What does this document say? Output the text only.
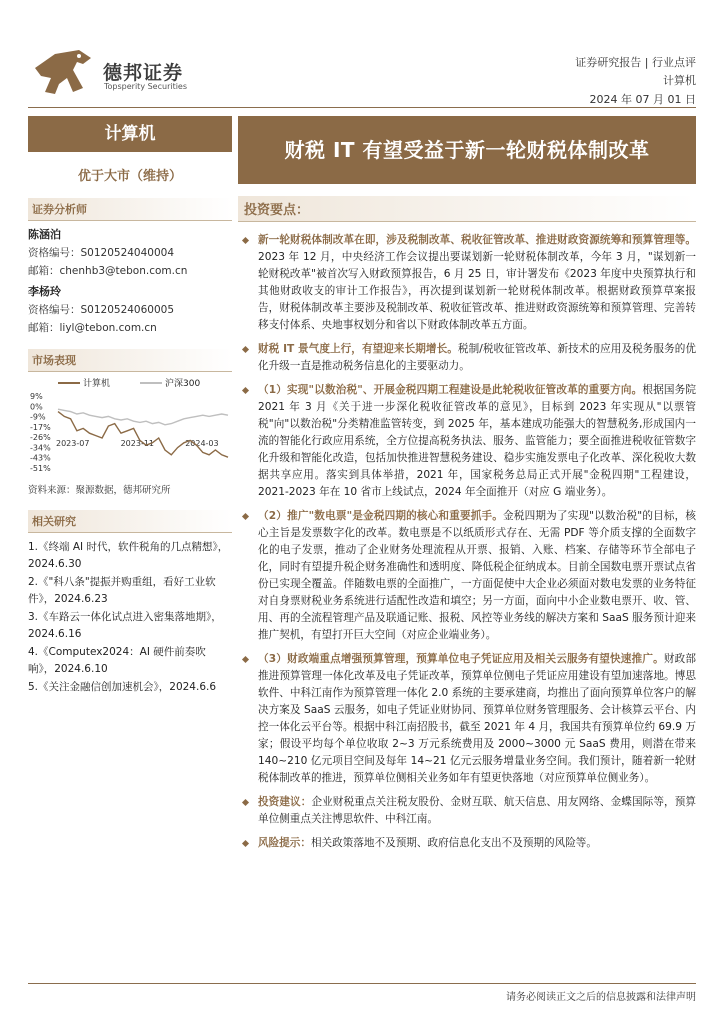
德邦证券
Topsperity Securities
证券研究报告 | 行业点评
计算机
2024 年 07 月 01 日
计算机
优于大市（维持）
证券分析师
陈涵泊
资格编号：S0120524040004
邮箱：chenhb3@tebon.com.cn
李杨玲
资格编号：S0120524060005
邮箱：liyl@tebon.com.cn
市场表现
计算机	沪深300
9%
0%
-9%
-17%
-26%
-34%
-43%
-51%
2023-07	2023-11	2024-03
资料来源：聚源数据，德邦研究所
相关研究
1.《终端 AI 时代，软件税角的几点精想》，2024.6.30
2.《"科八条"提振并购重组，看好工业软件》，2024.6.23
3.《车路云一体化试点进入密集落地期》，2024.6.16
4.《Computex2024：AI 硬件前奏吹响》，2024.6.10
5.《关注金融信创加速机会》，2024.6.6
财税 IT 有望受益于新一轮财税体制改革
投资要点：
新一轮财税体制改革在即，涉及税制改革、税收征管改革、推进财政资源统筹和预算管理等。2023 年 12 月，中央经济工作会议提出要谋划新一轮财税体制改革，今年 3 月，"谋划新一轮财税改革"被首次写入财政预算报告，6 月 25 日，审计署发布《2023 年度中央预算执行和其他财政收支的审计工作报告》，再次提到谋划新一轮财税体制改革。根据财政预算草案报告，财税体制改革主要涉及税制改革、税收征管改革、推进财政资源统筹和预算管理、完善转移支付体系、央地事权划分和省以下财政体制改革五方面。
财税 IT 景气度上行，有望迎来长期增长。税制/税收征管改革、新技术的应用及税务服务的优化升级一直是推动税务信息化的主要驱动力。
（1）实现"以数治税"、开展金税四期工程建设是此轮税收征管改革的重要方向。根据国务院 2021 年 3 月《关于进一步深化税收征管改革的意见》，目标到 2023 年实现从"以票管税"向"以数治税"分类精准监管转变，到 2025 年，基本建成功能强大的智慧税务,形成国内一流的智能化行政应用系统，全方位提高税务执法、服务、监管能力；要全面推进税收征管数字化升级和智能化改造，包括加快推进智慧税务建设、稳步实施发票电子化改革、深化税收大数据共享应用。落实到具体举措，2021 年，国家税务总局正式开展"金税四期"工程建设，2021-2023 年在 10 省市上线试点，2024 年全面推开（对应 G 端业务）。
（2）推广"数电票"是金税四期的核心和重要抓手。金税四期为了实现"以数治税"的目标，核心主旨是发票数字化的改革。数电票是不以纸质形式存在、无需 PDF 等介质支撑的全面数字化的电子发票，推动了企业财务处理流程从开票、报销、入账、档案、存储等环节全部电子化，同时有望提升税企财务准确性和透明度、降低税企征纳成本。目前全国数电票开票试点省份已实现全覆盖。伴随数电票的全面推广，一方面促使中大企业必须面对数电发票的业务特征对自身票财税业务系统进行适配性改造和填空；另一方面，面向中小企业数电票开、收、管、用、再的全流程管理产品及联通记账、报税、风控等业务线的解决方案和 SaaS 服务预计迎来推广契机，有望打开巨大空间（对应企业端业务）。
（3）财政端重点增强预算管理，预算单位电子凭证应用及相关云服务有望快速推广。财政部推进预算管理一体化改革及电子凭证改革，预算单位侧电子凭证应用建设有望加速落地。博思软件、中科江南作为预算管理一体化 2.0 系统的主要承建商，均推出了面向预算单位客户的解决方案及 SaaS 云服务，如电子凭证业财协同、预算单位财务管理服务、会计核算云平台、内控一体化云平台等。根据中科江南招股书，截至 2021 年 4 月，我国共有预算单位约 69.9 万家；假设平均每个单位收取 2~3 万元系统费用及 2000~3000 元 SaaS 费用，则潜在带来 140~210 亿元项目空间及每年 14~21 亿元云服务增量业务空间。我们预计，随着新一轮财税体制改革的推进，预算单位侧相关业务如年有望更快落地（对应预算单位侧业务）。
投资建议：企业财税重点关注税友股份、金财互联、航天信息、用友网络、金蝶国际等，预算单位侧重点关注博思软件、中科江南。
风险提示：相关政策落地不及预期、政府信息化支出不及预期的风险等。
请务必阅读正文之后的信息披露和法律声明
